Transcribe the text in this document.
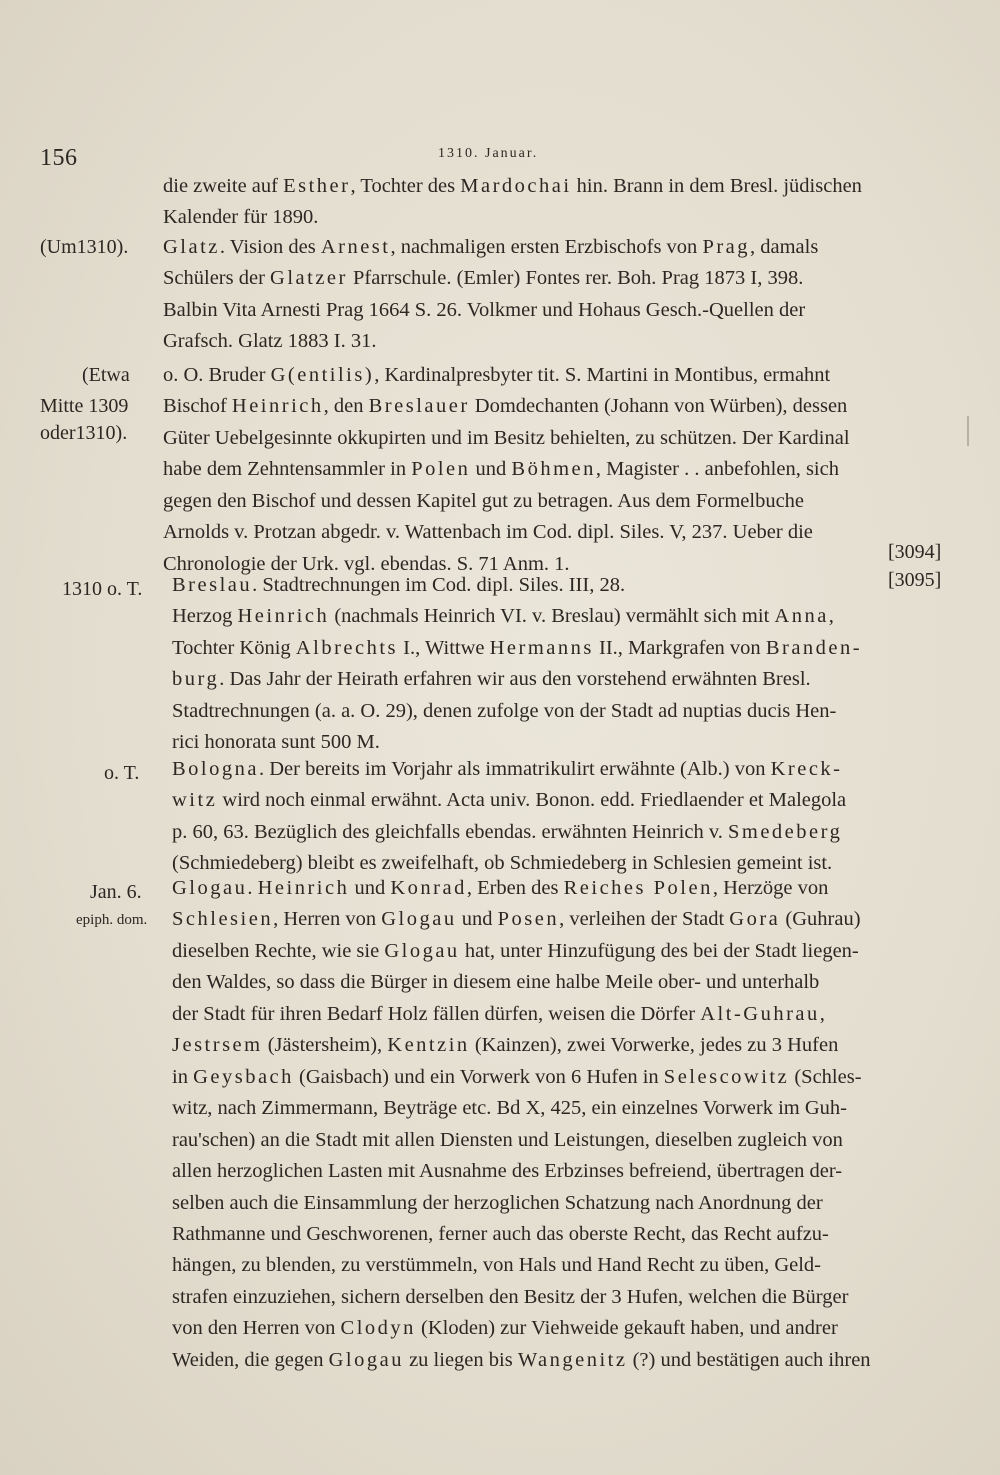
156	1310. Januar.
die zweite auf Esther, Tochter des Mardochai hin. Brann in dem Bresl. jüdischen
Kalender für 1890.
(Um1310). Glatz. Vision des Arnest, nachmaligen ersten Erzbischofs von Prag, damals
Schülers der Glatzer Pfarrschule. (Emler) Fontes rer. Boh. Prag 1873 I, 398.
Balbin Vita Arnesti Prag 1664 S. 26. Volkmer und Hohaus Gesch.-Quellen der
Grafsch. Glatz 1883 I. 31.
(Etwa
Mitte 1309
oder1310).
o. O. Bruder G(entilis), Kardinalpresbyter tit. S. Martini in Montibus, ermahnt
Bischof Heinrich, den Breslauer Domdechanten (Johann von Würben), dessen
Güter Uebelgesinnte okkupirten und im Besitz behielten, zu schützen. Der Kardinal
habe dem Zehntensammler in Polen und Böhmen, Magister . . anbefohlen, sich
gegen den Bischof und dessen Kapitel gut zu betragen. Aus dem Formelbuche
Arnolds v. Protzan abgedr. v. Wattenbach im Cod. dipl. Siles. V, 237. Ueber die
Chronologie der Urk. vgl. ebendas. S. 71 Anm. 1.
[3094]
1310 o. T. Breslau. Stadtrechnungen im Cod. dipl. Siles. III, 28.
Herzog Heinrich (nachmals Heinrich VI. v. Breslau) vermählt sich mit Anna,
Tochter König Albrechts I., Wittwe Hermanns II., Markgrafen von Branden-
burg. Das Jahr der Heirath erfahren wir aus den vorstehend erwähnten Bresl.
Stadtrechnungen (a. a. O. 29), denen zufolge von der Stadt ad nuptias ducis Hen-
rici honorata sunt 500 M.
[3095]
o. T. Bologna. Der bereits im Vorjahr als immatrikulirt erwähnte (Alb.) von Kreck-
witz wird noch einmal erwähnt. Acta univ. Bonon. edd. Friedlaender et Malegola
p. 60, 63. Bezüglich des gleichfalls ebendas. erwähnten Heinrich v. Smedeberg
(Schmiedeberg) bleibt es zweifelhaft, ob Schmiedeberg in Schlesien gemeint ist.
Jan. 6.
epiph. dom.
Glogau. Heinrich und Konrad, Erben des Reiches Polen, Herzöge von
Schlesien, Herren von Glogau und Posen, verleihen der Stadt Gora (Guhrau)
dieselben Rechte, wie sie Glogau hat, unter Hinzufügung des bei der Stadt liegen-
den Waldes, so dass die Bürger in diesem eine halbe Meile ober- und unterhalb
der Stadt für ihren Bedarf Holz fällen dürfen, weisen die Dörfer Alt-Guhrau,
Jestrsem (Jästersheim), Kentzin (Kainzen), zwei Vorwerke, jedes zu 3 Hufen
in Geysbach (Gaisbach) und ein Vorwerk von 6 Hufen in Selescowitz (Schles-
witz, nach Zimmermann, Beyträge etc. Bd X, 425, ein einzelnes Vorwerk im Guh-
rau'schen) an die Stadt mit allen Diensten und Leistungen, dieselben zugleich von
allen herzoglichen Lasten mit Ausnahme des Erbzinses befreiend, übertragen der-
selben auch die Einsammlung der herzoglichen Schatzung nach Anordnung der
Rathmanne und Geschworenen, ferner auch das oberste Recht, das Recht aufzu-
hängen, zu blenden, zu verstümmeln, von Hals und Hand Recht zu üben, Geld-
strafen einzuziehen, sichern derselben den Besitz der 3 Hufen, welchen die Bürger
von den Herren von Clodyn (Kloden) zur Viehweide gekauft haben, und andrer
Weiden, die gegen Glogau zu liegen bis Wangenitz (?) und bestätigen auch ihren
